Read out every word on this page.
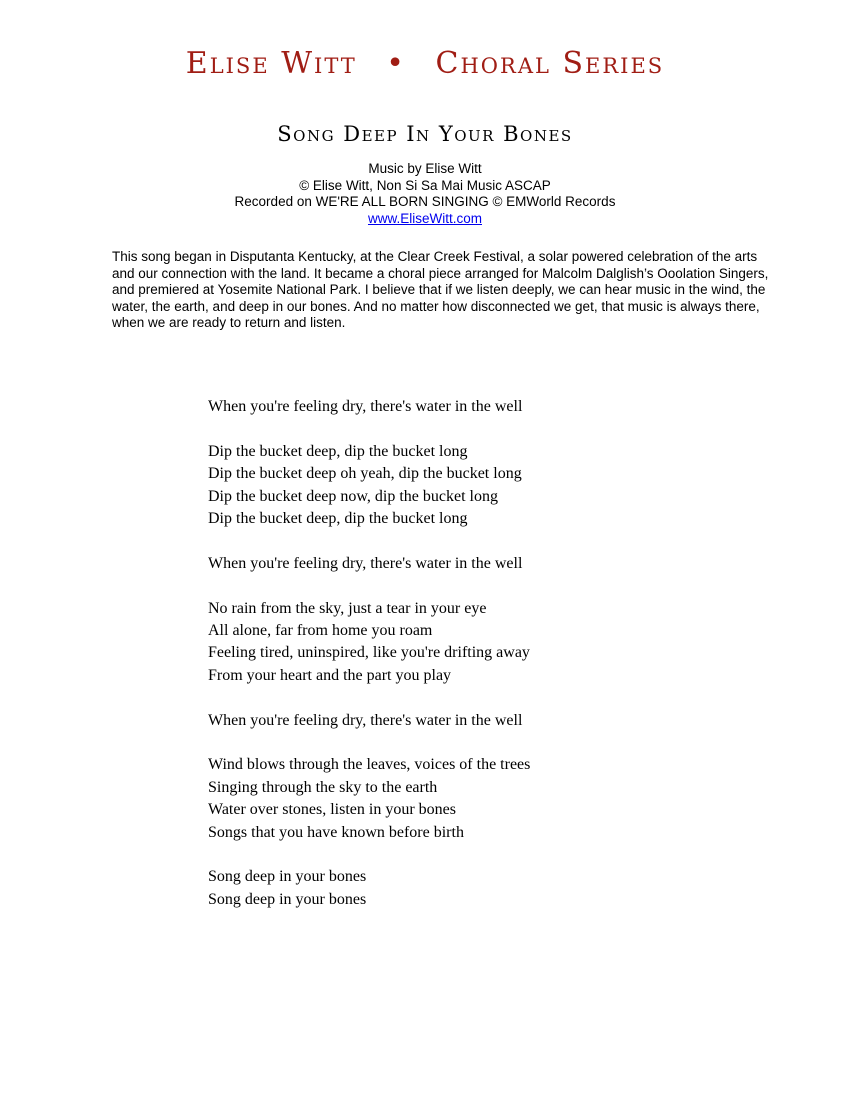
Elise Witt • Choral Series
Song Deep In Your Bones
Music by Elise Witt
© Elise Witt, Non Si Sa Mai Music ASCAP
Recorded on WE'RE ALL BORN SINGING © EMWorld Records
www.EliseWitt.com

This song began in Disputanta Kentucky, at the Clear Creek Festival, a solar powered celebration of the arts and our connection with the land. It became a choral piece arranged for Malcolm Dalglish’s Ooolation Singers, and premiered at Yosemite National Park. I believe that if we listen deeply, we can hear music in the wind, the water, the earth, and deep in our bones. And no matter how disconnected we get, that music is always there, when we are ready to return and listen.

When you're feeling dry, there's water in the well
Dip the bucket deep, dip the bucket long
Dip the bucket deep oh yeah, dip the bucket long
Dip the bucket deep now, dip the bucket long
Dip the bucket deep, dip the bucket long
When you're feeling dry, there's water in the well
No rain from the sky, just a tear in your eye
All alone, far from home you roam
Feeling tired, uninspired, like you're drifting away
From your heart and the part you play
When you're feeling dry, there's water in the well
Wind blows through the leaves, voices of the trees
Singing through the sky to the earth
Water over stones, listen in your bones
Songs that you have known before birth
Song deep in your bones
Song deep in your bones
